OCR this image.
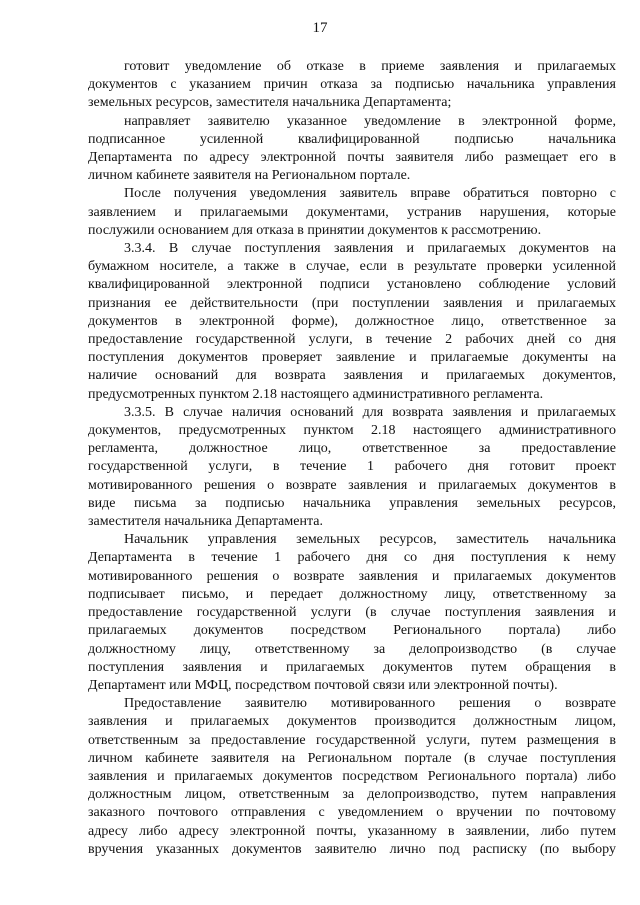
17
готовит уведомление об отказе в приеме заявления и прилагаемых
документов с указанием причин отказа за подписью начальника управления
земельных ресурсов, заместителя начальника Департамента;
направляет заявителю указанное уведомление в электронной форме,
подписанное усиленной квалифицированной подписью начальника
Департамента по адресу электронной почты заявителя либо размещает его в
личном кабинете заявителя на Региональном портале.
После получения уведомления заявитель вправе обратиться повторно с
заявлением и прилагаемыми документами, устранив нарушения, которые
послужили основанием для отказа в принятии документов к рассмотрению.
3.3.4. В случае поступления заявления и прилагаемых документов на
бумажном носителе, а также в случае, если в результате проверки усиленной
квалифицированной электронной подписи установлено соблюдение условий
признания ее действительности (при поступлении заявления и прилагаемых
документов в электронной форме), должностное лицо, ответственное за
предоставление государственной услуги, в течение 2 рабочих дней со дня
поступления документов проверяет заявление и прилагаемые документы на
наличие оснований для возврата заявления и прилагаемых документов,
предусмотренных пунктом 2.18 настоящего административного регламента.
3.3.5. В случае наличия оснований для возврата заявления и прилагаемых
документов, предусмотренных пунктом 2.18 настоящего административного
регламента, должностное лицо, ответственное за предоставление
государственной услуги, в течение 1 рабочего дня готовит проект
мотивированного решения о возврате заявления и прилагаемых документов в
виде письма за подписью начальника управления земельных ресурсов,
заместителя начальника Департамента.
Начальник управления земельных ресурсов, заместитель начальника
Департамента в течение 1 рабочего дня со дня поступления к нему
мотивированного решения о возврате заявления и прилагаемых документов
подписывает письмо, и передает должностному лицу, ответственному за
предоставление государственной услуги (в случае поступления заявления и
прилагаемых документов посредством Регионального портала) либо
должностному лицу, ответственному за делопроизводство (в случае
поступления заявления и прилагаемых документов путем обращения в
Департамент или МФЦ, посредством почтовой связи или электронной почты).
Предоставление заявителю мотивированного решения о возврате
заявления и прилагаемых документов производится должностным лицом,
ответственным за предоставление государственной услуги, путем размещения в
личном кабинете заявителя на Региональном портале (в случае поступления
заявления и прилагаемых документов посредством Регионального портала) либо
должностным лицом, ответственным за делопроизводство, путем направления
заказного почтового отправления с уведомлением о вручении по почтовому
адресу либо адресу электронной почты, указанному в заявлении, либо путем
вручения указанных документов заявителю лично под расписку (по выбору
